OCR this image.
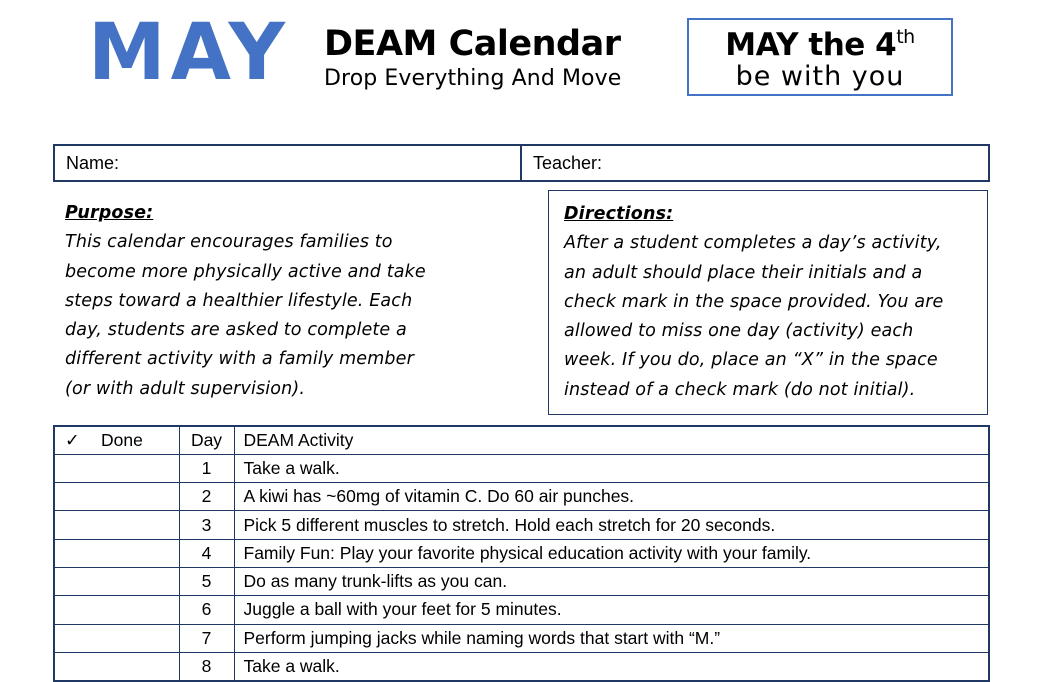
MAY DEAM Calendar
Drop Everything And Move
MAY the 4th
be with you
Name:	Teacher:
Purpose:
This calendar encourages families to
become more physically active and take
steps toward a healthier lifestyle. Each
day, students are asked to complete a
different activity with a family member
(or with adult supervision).
Directions:
After a student completes a day’s activity,
an adult should place their initials and a
check mark in the space provided. You are
allowed to miss one day (activity) each
week. If you do, place an “X” in the space
instead of a check mark (do not initial).
✓ Done	Day	DEAM Activity
	1	Take a walk.
	2	A kiwi has ~60mg of vitamin C. Do 60 air punches.
	3	Pick 5 different muscles to stretch. Hold each stretch for 20 seconds.
	4	Family Fun: Play your favorite physical education activity with your family.
	5	Do as many trunk-lifts as you can.
	6	Juggle a ball with your feet for 5 minutes.
	7	Perform jumping jacks while naming words that start with “M.”
	8	Take a walk.
